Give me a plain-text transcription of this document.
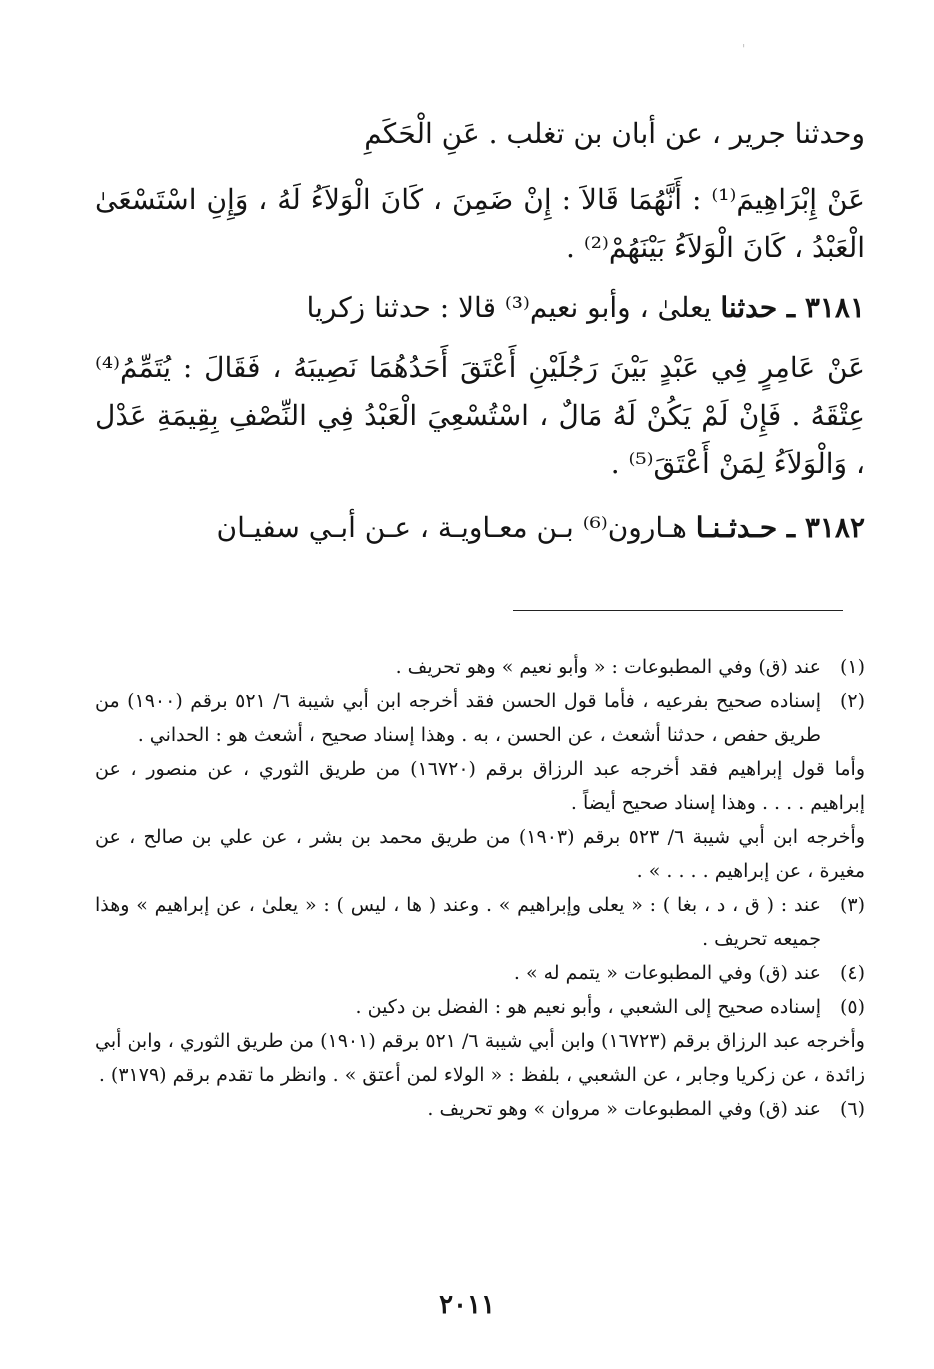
'

وحدثنا جرير ، عن أبان بن تغلب . عَنِ الْحَكَمِ

عَنْ إِبْرَاهِيمَ⁽¹⁾ : أَنَّهُمَا قَالاَ : إِنْ ضَمِنَ ، كَانَ الْوَلاَءُ لَهُ ، وَإِنِ اسْتَسْعَىٰ الْعَبْدُ ، كَانَ الْوَلاَءُ بَيْنَهُمْ⁽²⁾ .

٣١٨١ ـ حدثنا يعلىٰ ، وأبو نعيم⁽³⁾ قالا : حدثنا زكريا

عَنْ عَامِرٍ فِي عَبْدٍ بَيْنَ رَجُلَيْنِ أَعْتَقَ أَحَدُهُمَا نَصِيبَهُ ، فَقَالَ : يُتَمِّمُ⁽⁴⁾ عِتْقَهُ . فَإِنْ لَمْ يَكُنْ لَهُ مَالٌ ، اسْتُسْعِيَ الْعَبْدُ فِي النِّصْفِ بِقِيمَةِ عَدْل ، وَالْوَلاَءُ لِمَنْ أَعْتَقَ⁽⁵⁾ .

٣١٨٢ ـ حـدثـنـا هـارون⁽⁶⁾ بـن معـاويـة ، عـن أبـي سفيـان

(١)

عند (ق) وفي المطبوعات : « وأبو نعيم » وهو تحريف .

(٢)

إسناده صحيح بفرعيه ، فأما قول الحسن فقد أخرجه ابن أبي شيبة ٦/ ٥٢١ برقم (١٩٠٠) من طريق حفص ، حدثنا أشعث ، عن الحسن ، به . وهذا إسناد صحيح ، أشعث هو : الحداني .

وأما قول إبراهيم فقد أخرجه عبد الرزاق برقم (١٦٧٢٠) من طريق الثوري ، عن منصور ، عن إبراهيم . . . . وهذا إسناد صحيح أيضاً .

وأخرجه ابن أبي شيبة ٦/ ٥٢٣ برقم (١٩٠٣) من طريق محمد بن بشر ، عن علي بن صالح ، عن مغيرة ، عن إبراهيم . . . . » .

(٣)

عند : ( ق ، د ، بغا ) : « يعلى وإبراهيم » . وعند ( ها ، ليس ) : « يعلىٰ ، عن إبراهيم » وهذا جميعه تحريف .

(٤)

عند (ق) وفي المطبوعات « يتمم له » .

(٥)

إسناده صحيح إلى الشعبي ، وأبو نعيم هو : الفضل بن دكين .

وأخرجه عبد الرزاق برقم (١٦٧٢٣) وابن أبي شيبة ٦/ ٥٢١ برقم (١٩٠١) من طريق الثوري ، وابن أبي زائدة ، عن زكريا وجابر ، عن الشعبي ، بلفظ : « الولاء لمن أعتق » . وانظر ما تقدم برقم (٣١٧٩) .

(٦)

عند (ق) وفي المطبوعات « مروان » وهو تحريف .

٢٠١١
